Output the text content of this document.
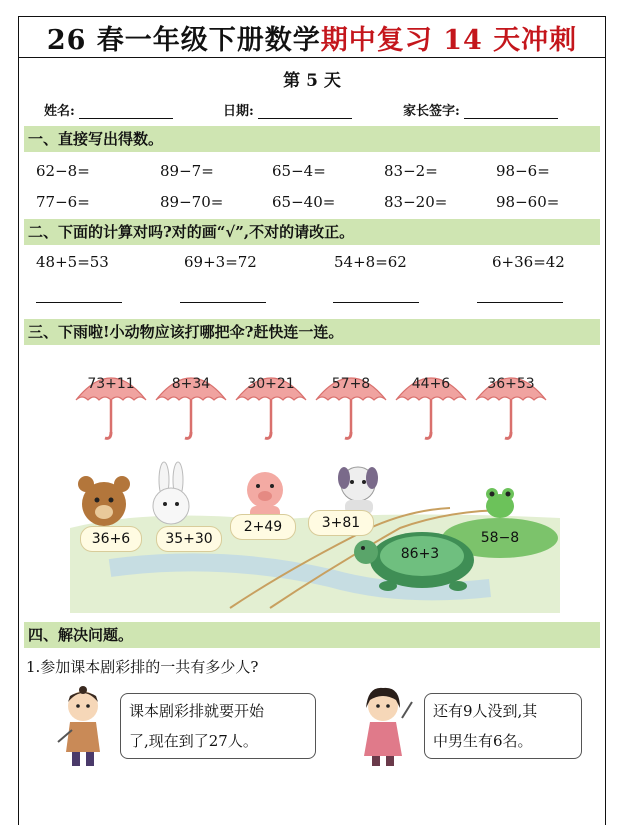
26 春一年级下册数学期中复习 14 天冲刺
第 5 天
姓名:	日期:	家长签字:
一、直接写出得数。
62−8=	89−7=	65−4=	83−2=	98−6=
77−6=	89−70=	65−40=	83−20=	98−60=
二、下面的计算对吗?对的画“√”,不对的请改正。
48+5=53	69+3=72	54+8=62	6+36=42
三、下雨啦!小动物应该打哪把伞?赶快连一连。
73+11	8+34	30+21	57+8	44+6	36+53
36+6	35+30
2+49	3+81
86+3
58−8
四、解决问题。
1.参加课本剧彩排的一共有多少人?
课本剧彩排就要开始
了,现在到了27人。
还有9人没到,其
中男生有6名。
